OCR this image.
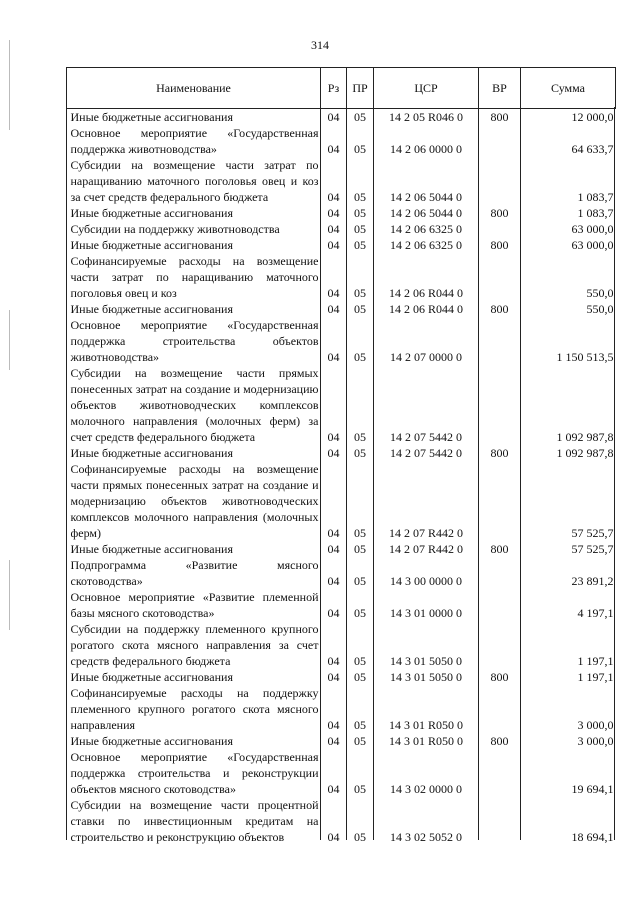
314
Наименование	Рз	ПР	ЦСР	ВР	Сумма
Иные бюджетные ассигнования	04	05	14 2 05 R046 0	800	12 000,0
Основное мероприятие «Государственная поддержка животноводства»	04	05	14 2 06 0000 0		64 633,7
Субсидии на возмещение части затрат по наращиванию маточного поголовья овец и коз за счет средств федерального бюджета	04	05	14 2 06 5044 0		1 083,7
Иные бюджетные ассигнования	04	05	14 2 06 5044 0	800	1 083,7
Субсидии на поддержку животноводства	04	05	14 2 06 6325 0		63 000,0
Иные бюджетные ассигнования	04	05	14 2 06 6325 0	800	63 000,0
Софинансируемые расходы на возмещение части затрат по наращиванию маточного поголовья овец и коз	04	05	14 2 06 R044 0		550,0
Иные бюджетные ассигнования	04	05	14 2 06 R044 0	800	550,0
Основное мероприятие «Государственная поддержка строительства объектов животноводства»	04	05	14 2 07 0000 0		1 150 513,5
Субсидии на возмещение части прямых понесенных затрат на создание и модернизацию объектов животноводческих комплексов молочного направления (молочных ферм) за счет средств федерального бюджета	04	05	14 2 07 5442 0		1 092 987,8
Иные бюджетные ассигнования	04	05	14 2 07 5442 0	800	1 092 987,8
Софинансируемые расходы на возмещение части прямых понесенных затрат на создание и модернизацию объектов животноводческих комплексов молочного направления (молочных ферм)	04	05	14 2 07 R442 0		57 525,7
Иные бюджетные ассигнования	04	05	14 2 07 R442 0	800	57 525,7
Подпрограмма «Развитие мясного скотоводства»	04	05	14 3 00 0000 0		23 891,2
Основное мероприятие «Развитие племенной базы мясного скотоводства»	04	05	14 3 01 0000 0		4 197,1
Субсидии на поддержку племенного крупного рогатого скота мясного направления за счет средств федерального бюджета	04	05	14 3 01 5050 0		1 197,1
Иные бюджетные ассигнования	04	05	14 3 01 5050 0	800	1 197,1
Софинансируемые расходы на поддержку племенного крупного рогатого скота мясного направления	04	05	14 3 01 R050 0		3 000,0
Иные бюджетные ассигнования	04	05	14 3 01 R050 0	800	3 000,0
Основное мероприятие «Государственная поддержка строительства и реконструкции объектов мясного скотоводства»	04	05	14 3 02 0000 0		19 694,1
Субсидии на возмещение части процентной ставки по инвестиционным кредитам на строительство и реконструкцию объектов	04	05	14 3 02 5052 0		18 694,1
